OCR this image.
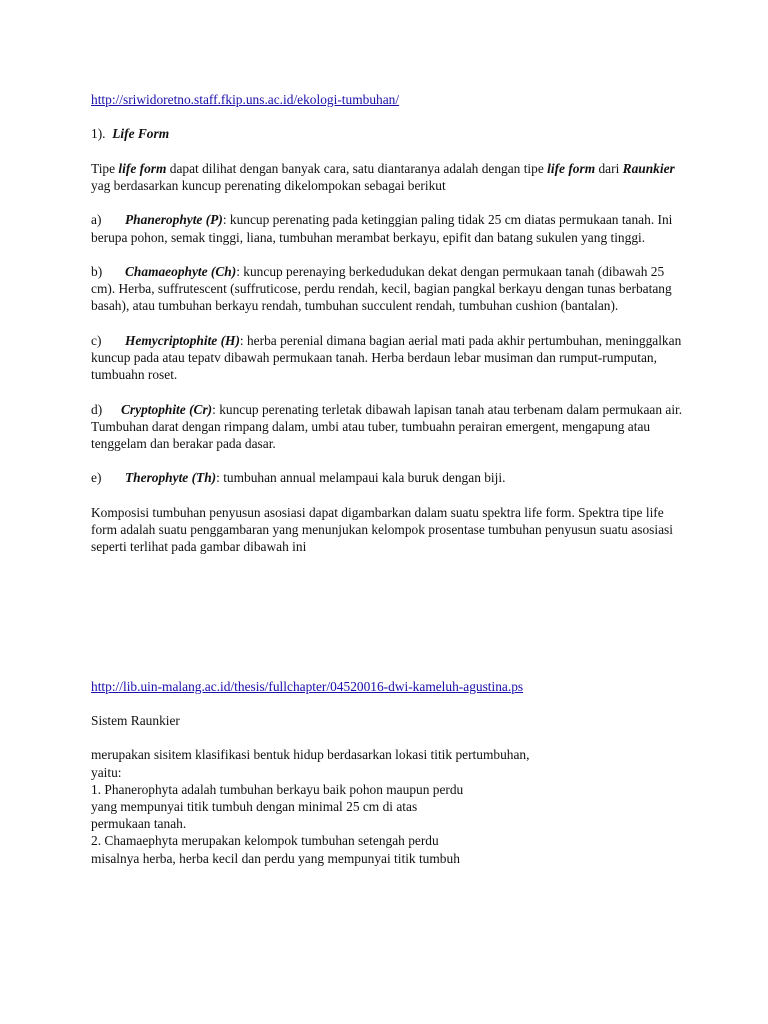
http://sriwidoretno.staff.fkip.uns.ac.id/ekologi-tumbuhan/

1). Life Form

Tipe life form dapat dilihat dengan banyak cara, satu diantaranya adalah dengan tipe life form dari Raunkier yag berdasarkan kuncup perenating dikelompokan sebagai berikut

a) Phanerophyte (P): kuncup perenating pada ketinggian paling tidak 25 cm diatas permukaan tanah. Ini berupa pohon, semak tinggi, liana, tumbuhan merambat berkayu, epifit dan batang sukulen yang tinggi.

b) Chamaeophyte (Ch): kuncup perenaying berkedudukan dekat dengan permukaan tanah (dibawah 25 cm). Herba, suffrutescent (suffruticose, perdu rendah, kecil, bagian pangkal berkayu dengan tunas berbatang basah), atau tumbuhan berkayu rendah, tumbuhan succulent rendah, tumbuhan cushion (bantalan).

c) Hemycriptophite (H): herba perenial dimana bagian aerial mati pada akhir pertumbuhan, meninggalkan kuncup pada atau tepatv dibawah permukaan tanah. Herba berdaun lebar musiman dan rumput-rumputan, tumbuahn roset.

d) Cryptophite (Cr): kuncup perenating terletak dibawah lapisan tanah atau terbenam dalam permukaan air. Tumbuhan darat dengan rimpang dalam, umbi atau tuber, tumbuahn perairan emergent, mengapung atau tenggelam dan berakar pada dasar.

e) Therophyte (Th): tumbuhan annual melampaui kala buruk dengan biji.

Komposisi tumbuhan penyusun asosiasi dapat digambarkan dalam suatu spektra life form. Spektra tipe life form adalah suatu penggambaran yang menunjukan kelompok prosentase tumbuhan penyusun suatu asosiasi seperti terlihat pada gambar dibawah ini

http://lib.uin-malang.ac.id/thesis/fullchapter/04520016-dwi-kameluh-agustina.ps

Sistem Raunkier

merupakan sisitem klasifikasi bentuk hidup berdasarkan lokasi titik pertumbuhan,

yaitu:

1. Phanerophyta adalah tumbuhan berkayu baik pohon maupun perdu

yang mempunyai titik tumbuh dengan minimal 25 cm di atas

permukaan tanah.

2. Chamaephyta merupakan kelompok tumbuhan setengah perdu

misalnya herba, herba kecil dan perdu yang mempunyai titik tumbuh
